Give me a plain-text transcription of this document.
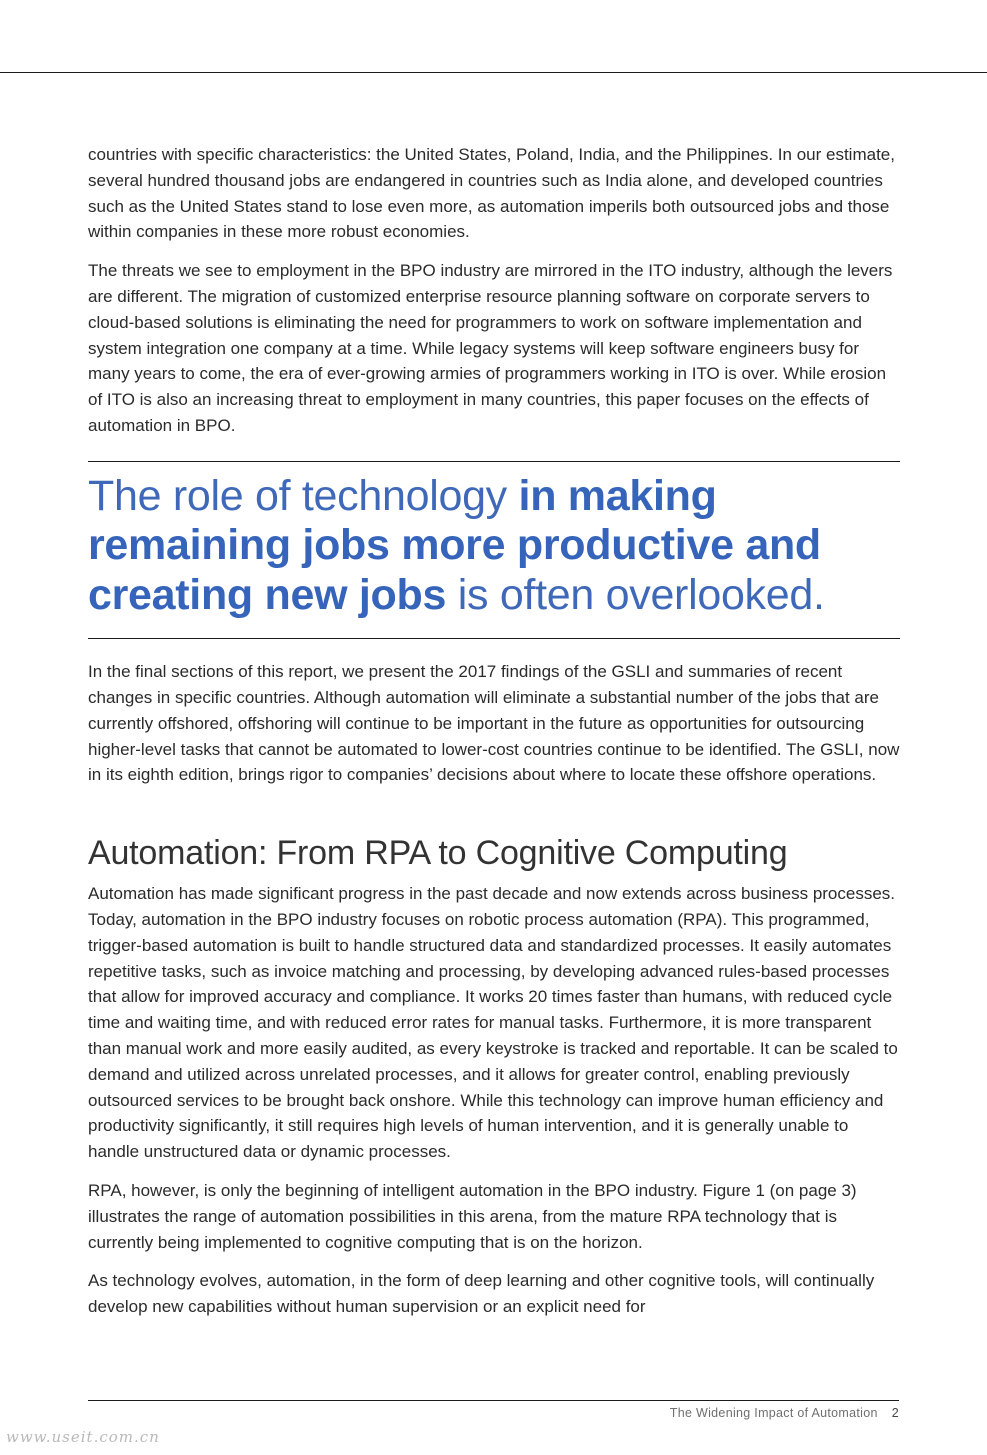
countries with specific characteristics: the United States, Poland, India, and the Philippines. In our estimate, several hundred thousand jobs are endangered in countries such as India alone, and developed countries such as the United States stand to lose even more, as automation imperils both outsourced jobs and those within companies in these more robust economies.

The threats we see to employment in the BPO industry are mirrored in the ITO industry, although the levers are different. The migration of customized enterprise resource planning software on corporate servers to cloud-based solutions is eliminating the need for programmers to work on software implementation and system integration one company at a time. While legacy systems will keep software engineers busy for many years to come, the era of ever-growing armies of programmers working in ITO is over. While erosion of ITO is also an increasing threat to employment in many countries, this paper focuses on the effects of automation in BPO.

The role of technology in making remaining jobs more productive and creating new jobs is often overlooked.

In the final sections of this report, we present the 2017 findings of the GSLI and summaries of recent changes in specific countries. Although automation will eliminate a substantial number of the jobs that are currently offshored, offshoring will continue to be important in the future as opportunities for outsourcing higher-level tasks that cannot be automated to lower-cost countries continue to be identified. The GSLI, now in its eighth edition, brings rigor to companies’ decisions about where to locate these offshore operations.

Automation: From RPA to Cognitive Computing

Automation has made significant progress in the past decade and now extends across business processes. Today, automation in the BPO industry focuses on robotic process automation (RPA). This programmed, trigger-based automation is built to handle structured data and standardized processes. It easily automates repetitive tasks, such as invoice matching and processing, by developing advanced rules-based processes that allow for improved accuracy and compliance. It works 20 times faster than humans, with reduced cycle time and waiting time, and with reduced error rates for manual tasks. Furthermore, it is more transparent than manual work and more easily audited, as every keystroke is tracked and reportable. It can be scaled to demand and utilized across unrelated processes, and it allows for greater control, enabling previously outsourced services to be brought back onshore. While this technology can improve human efficiency and productivity significantly, it still requires high levels of human intervention, and it is generally unable to handle unstructured data or dynamic processes.

RPA, however, is only the beginning of intelligent automation in the BPO industry. Figure 1 (on page 3) illustrates the range of automation possibilities in this arena, from the mature RPA technology that is currently being implemented to cognitive computing that is on the horizon.

As technology evolves, automation, in the form of deep learning and other cognitive tools, will continually develop new capabilities without human supervision or an explicit need for

The Widening Impact of Automation 2
www.useit.com.cn
